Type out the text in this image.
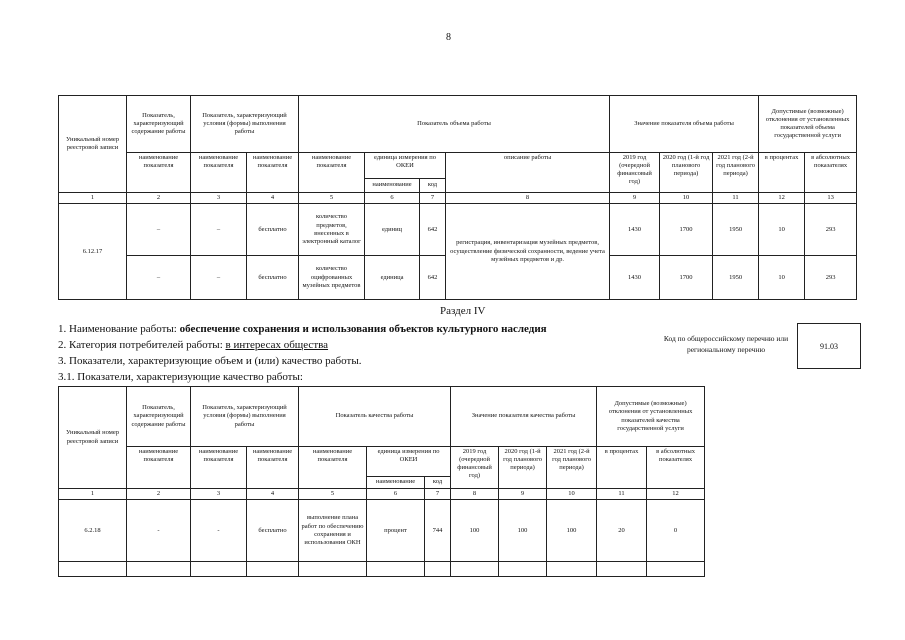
8
Уникальный номер реестровой записи	Показатель, характеризующий содержание работы	Показатель, характеризующий условия (формы) выполнения работы		Показатель объема работы				Значение показателя объема работы			Допустимые (возможные) отклонения от установленных показателей объема государственной услуги	
	наименование показателя	наименование показателя	наименование показателя	наименование показателя	единица измерения по ОКЕИ		описание работы	2019 год (очередной финансовый год)	2020 год (1-й год планового периода)	2021 год (2-й год планового периода)	в процентах	в абсолютных показателях
					наименование	код						
1	2	3	4	5	6	7	8	9	10	11	12	13
6.12.17	–	–	бесплатно	количество предметов, внесенных в электронный каталог	единиц	642	регистрация, инвентаризация музейных предметов, осуществление физической сохранности, ведение учета музейных предметов и др.	1430	1700	1950	10	293
	–	–	бесплатно	количество оцифрованных музейных предметов	единица	642		1430	1700	1950	10	293
Раздел IV
1. Наименование работы: обеспечение сохранения и использования объектов культурного наследия
2. Категория потребителей работы: в интересах общества
3. Показатели, характеризующие объем и (или) качество работы.
3.1. Показатели, характеризующие качество работы:
Код по общероссийскому перечню или региональному перечню	91.03
Уникальный номер реестровой записи	Показатель, характеризующий содержание работы	Показатель, характеризующий условия (формы) выполнения работы		Показатель качества работы			Значение показателя качества работы			Допустимые (возможные) отклонения от установленных показателей качества государственной услуги	
	наименование показателя	наименование показателя	наименование показателя	наименование показателя	единица измерения по ОКЕИ		2019 год (очередной финансовый год)	2020 год (1-й год планового периода)	2021 год (2-й год планового периода)	в процентах	в абсолютных показателях
					наименование	код					
1	2	3	4	5	6	7	8	9	10	11	12
6.2.18	-	-	бесплатно	выполнение плана работ по обеспечению сохранения и использования ОКН	процент	744	100	100	100	20	0
